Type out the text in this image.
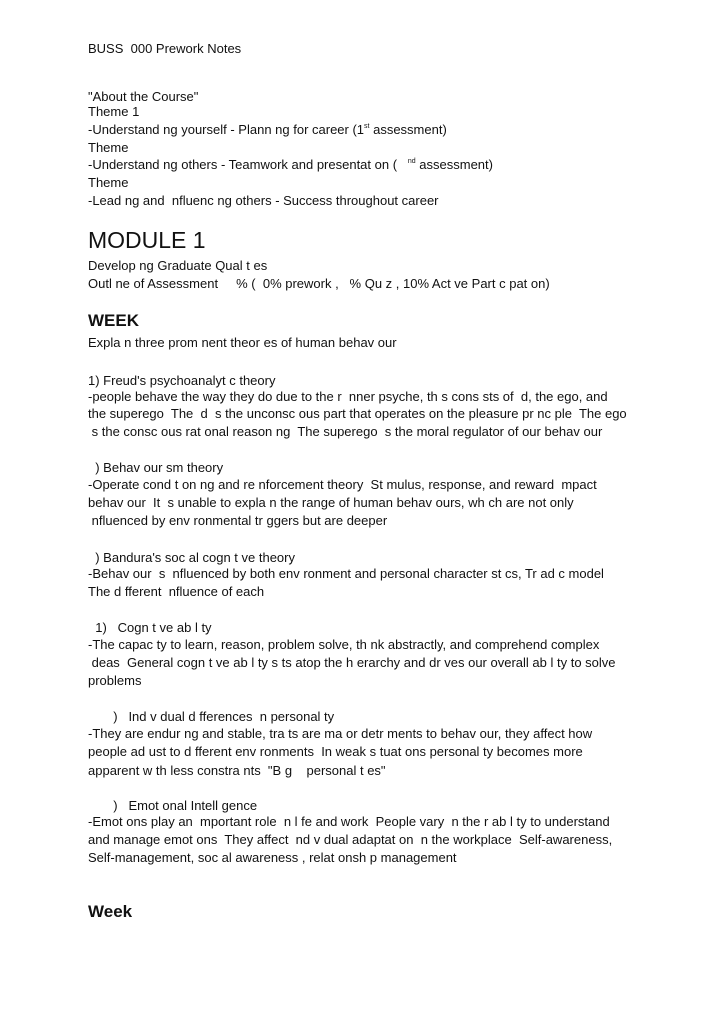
BUSS  000 Prework Notes
"About the Course"
Theme 1
-Understand ng yourself - Plann ng for career (1st assessment)
Theme
-Understand ng others - Teamwork and presentat on (   $^{nd}$ assessment)
Theme
-Lead ng and  nfluenc ng others - Success throughout career
MODULE 1
Develop ng Graduate Qual t es
Outl ne of Assessment     % (  0% prework ,   % Qu z , 10% Act ve Part c pat on)
WEEK
Expla n three prom nent theor es of human behav our
1) Freud's psychoanalyt c theory
-people behave the way they do due to the r  nner psyche, th s cons sts of  d, the ego, and
the superego  The  d  s the unconsc ous part that operates on the pleasure pr nc ple  The ego
s the consc ous rat onal reason ng  The superego  s the moral regulator of our behav our
) Behav our sm theory
-Operate cond t on ng and re nforcement theory  St mulus, response, and reward  mpact
behav our  It  s unable to expla n the range of human behav ours, wh ch are not only
nfluenced by env ronmental tr ggers but are deeper
) Bandura's soc al cogn t ve theory
-Behav our  s  nfluenced by both env ronment and personal character st cs, Tr ad c model
The d fferent  nfluence of each
1)   Cogn t ve ab l ty
-The capac ty to learn, reason, problem solve, th nk abstractly, and comprehend complex
deas  General cogn t ve ab l ty s ts atop the h erarchy and dr ves our overall ab l ty to solve
problems
)   Ind v dual d fferences  n personal ty
-They are endur ng and stable, tra ts are ma or detr ments to behav our, they affect how
people ad ust to d fferent env ronments  In weak s tuat ons personal ty becomes more
apparent w th less constra nts  "B g    personal t es"
)   Emot onal Intell gence
-Emot ons play an  mportant role  n l fe and work  People vary  n the r ab l ty to understand
and manage emot ons  They affect  nd v dual adaptat on  n the workplace  Self-awareness,
Self-management, soc al awareness , relat onsh p management
Week
